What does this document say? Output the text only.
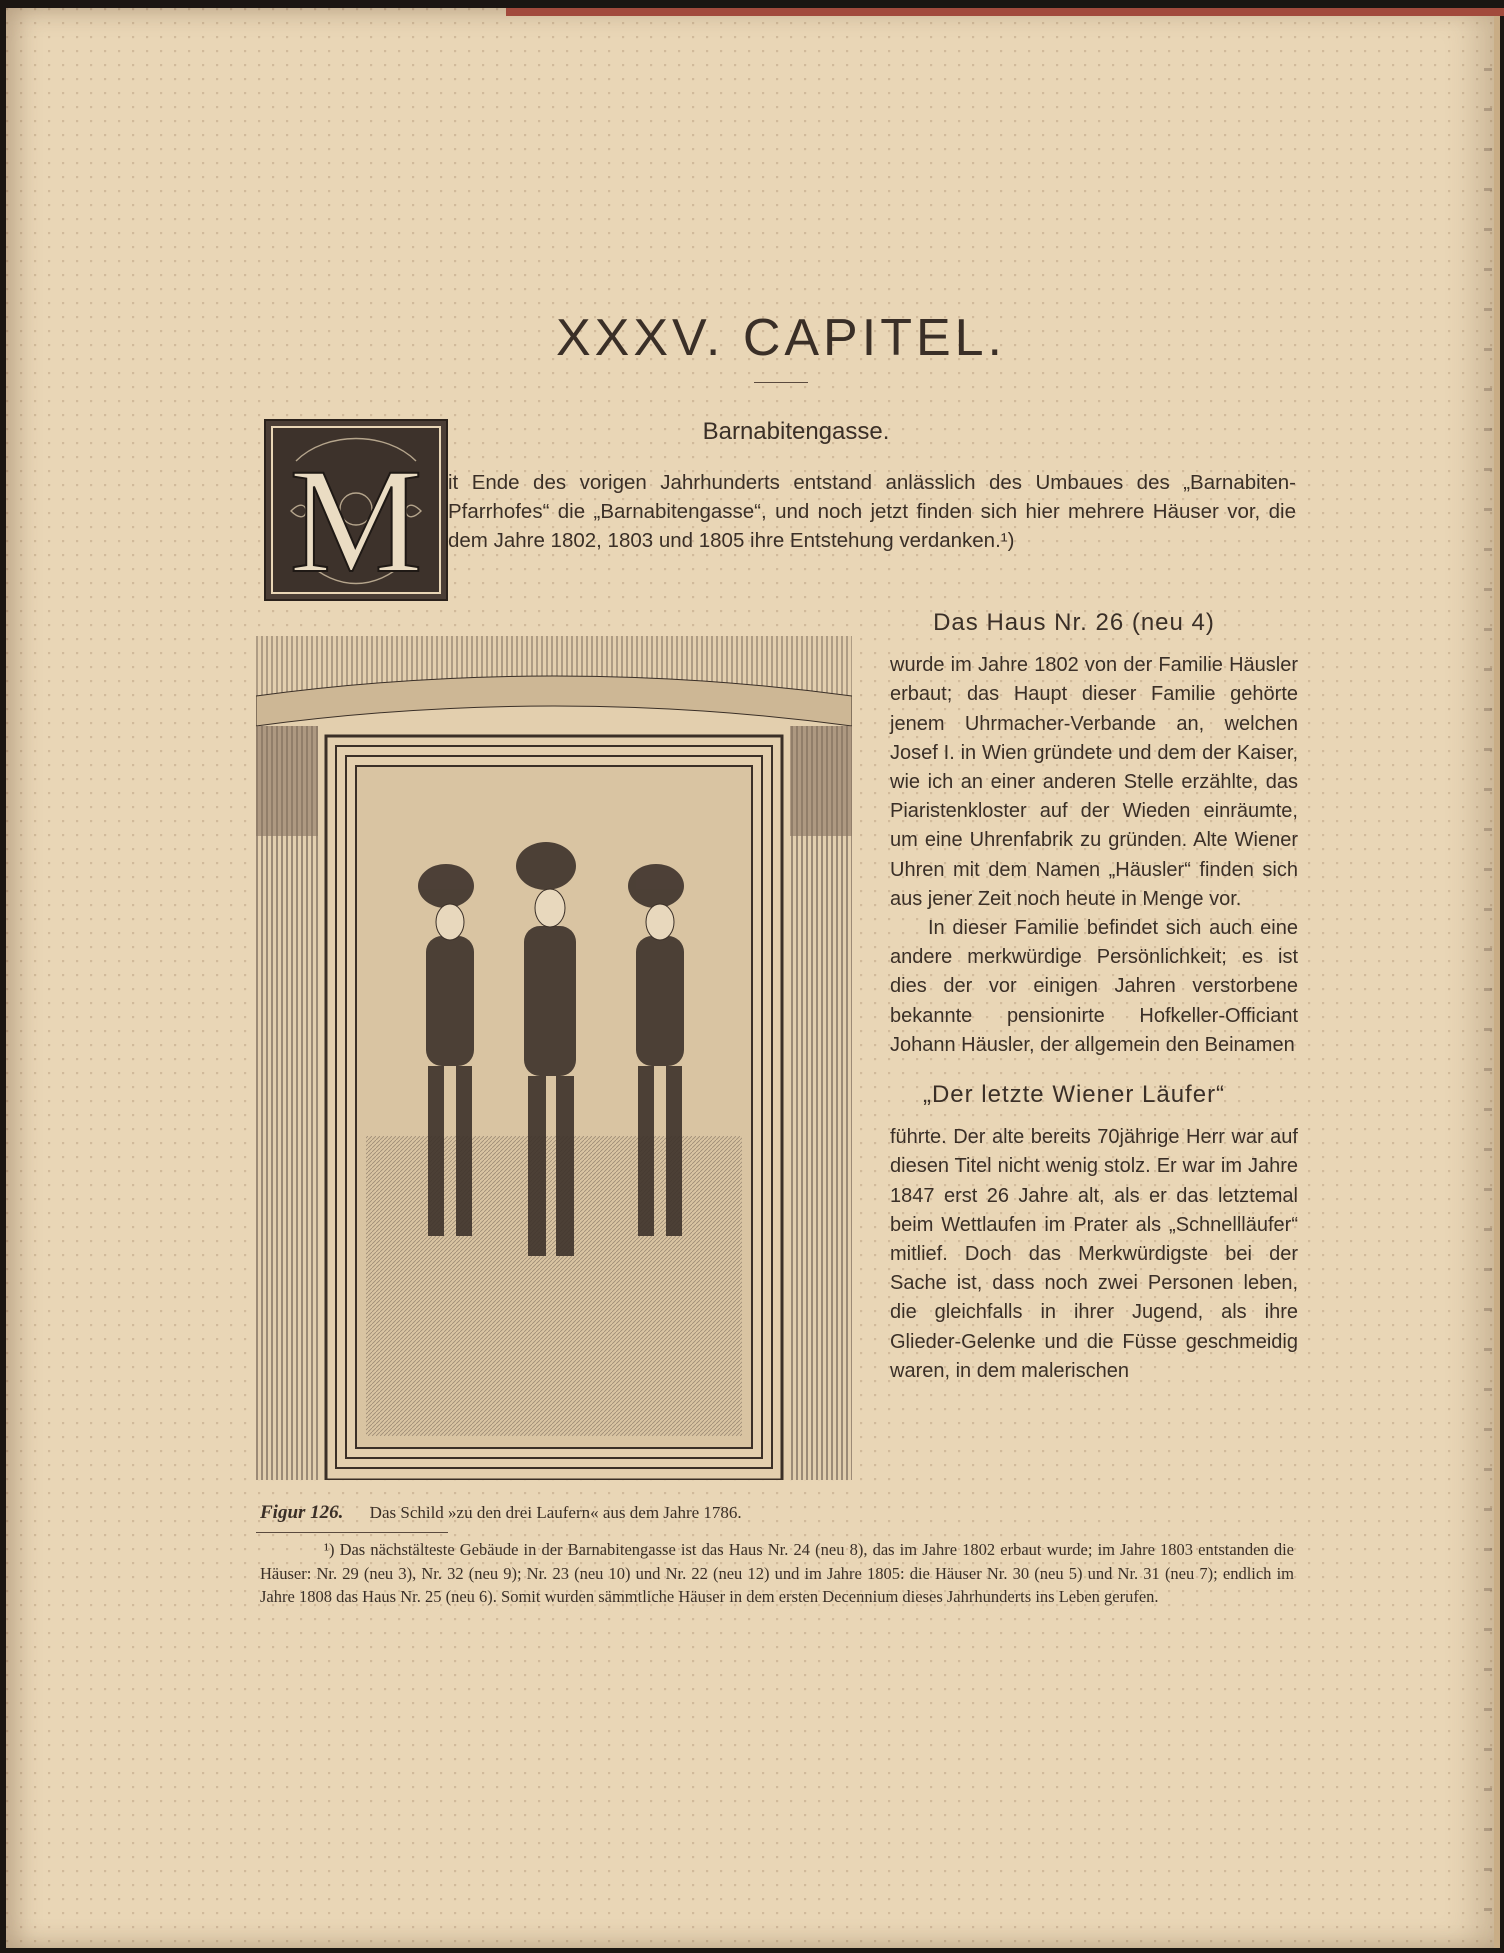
XXXV. CAPITEL.
Barnabitengasse.
M it Ende des vorigen Jahrhunderts entstand anlässlich des Umbaues des „Barnabiten-Pfarrhofes“ die „Barnabitengasse“, und noch jetzt finden sich hier mehrere Häuser vor, die dem Jahre 1802, 1803 und 1805 ihre Entstehung verdanken.¹)

Figur 126. Das Schild »zu den drei Laufern« aus dem Jahre 1786.
Das Haus Nr. 26 (neu 4)

wurde im Jahre 1802 von der Familie Häusler erbaut; das Haupt dieser Familie gehörte jenem Uhrmacher-Verbande an, welchen Josef I. in Wien gründete und dem der Kaiser, wie ich an einer anderen Stelle erzählte, das Piaristenkloster auf der Wieden einräumte, um eine Uhrenfabrik zu gründen. Alte Wiener Uhren mit dem Namen „Häusler“ finden sich aus jener Zeit noch heute in Menge vor.

In dieser Familie befindet sich auch eine andere merkwürdige Persönlichkeit; es ist dies der vor einigen Jahren verstorbene bekannte pensionirte Hofkeller-Officiant Johann Häusler, der allgemein den Beinamen

„Der letzte Wiener Läufer“

führte. Der alte bereits 70jährige Herr war auf diesen Titel nicht wenig stolz. Er war im Jahre 1847 erst 26 Jahre alt, als er das letztemal beim Wettlaufen im Prater als „Schnellläufer“ mitlief. Doch das Merkwürdigste bei der Sache ist, dass noch zwei Personen leben, die gleichfalls in ihrer Jugend, als ihre Glieder-Gelenke und die Füsse geschmeidig waren, in dem malerischen

¹) Das nächstälteste Gebäude in der Barnabitengasse ist das Haus Nr. 24 (neu 8), das im Jahre 1802 erbaut wurde; im Jahre 1803 entstanden die Häuser: Nr. 29 (neu 3), Nr. 32 (neu 9); Nr. 23 (neu 10) und Nr. 22 (neu 12) und im Jahre 1805: die Häuser Nr. 30 (neu 5) und Nr. 31 (neu 7); endlich im Jahre 1808 das Haus Nr. 25 (neu 6). Somit wurden sämmtliche Häuser in dem ersten Decennium dieses Jahrhunderts ins Leben gerufen.
